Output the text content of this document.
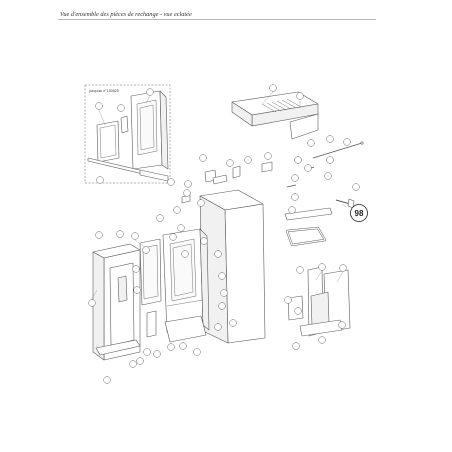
Vue d'ensemble des pièces de rechange - vue eclatée
jusqu'au n°150825
98
